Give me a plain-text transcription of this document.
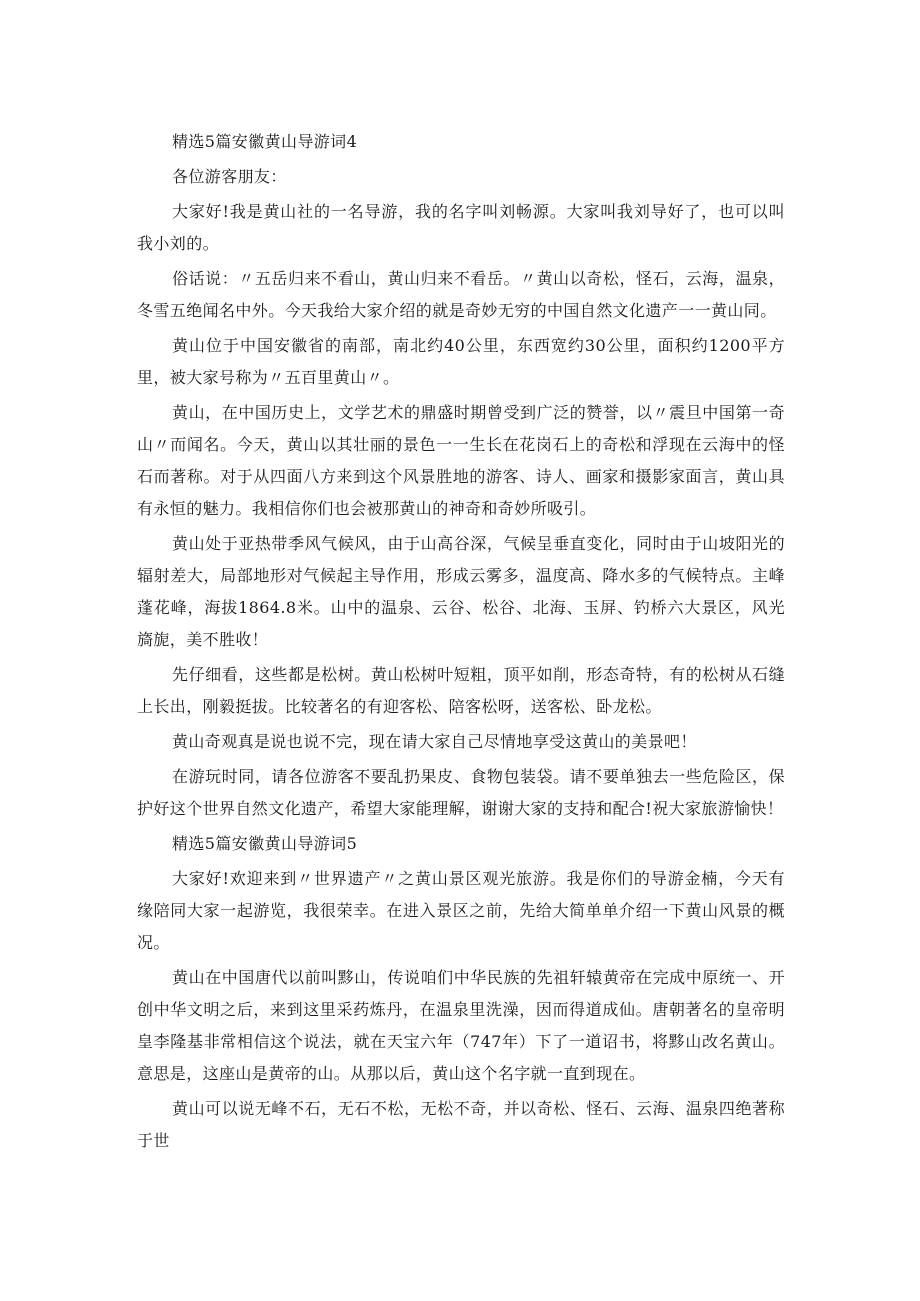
精选5篇安徽黄山导游词4

各位游客朋友：

大家好!我是黄山社的一名导游，我的名字叫刘畅源。大家叫我刘导好了，也可以叫我小刘的。

俗话说：〃五岳归来不看山，黄山归来不看岳。〃黄山以奇松，怪石，云海，温泉，冬雪五绝闻名中外。今天我给大家介绍的就是奇妙无穷的中国自然文化遗产一一黄山同。

黄山位于中国安徽省的南部，南北约40公里，东西宽约30公里，面积约1200平方里，被大家号称为〃五百里黄山〃。

黄山，在中国历史上，文学艺术的鼎盛时期曾受到广泛的赞誉，以〃震旦中国第一奇山〃而闻名。今天，黄山以其壮丽的景色一一生长在花岗石上的奇松和浮现在云海中的怪石而著称。对于从四面八方来到这个风景胜地的游客、诗人、画家和摄影家面言，黄山具有永恒的魅力。我相信你们也会被那黄山的神奇和奇妙所吸引。

黄山处于亚热带季风气候风，由于山高谷深，气候呈垂直变化，同时由于山坡阳光的辐射差大，局部地形对气候起主导作用，形成云雾多，温度高、降水多的气候特点。主峰蓬花峰，海拔1864.8米。山中的温泉、云谷、松谷、北海、玉屏、钓桥六大景区，风光旖旎，美不胜收！

先仔细看，这些都是松树。黄山松树叶短粗，顶平如削，形态奇特，有的松树从石缝上长出，刚毅挺拔。比较著名的有迎客松、陪客松呀，送客松、卧龙松。

黄山奇观真是说也说不完，现在请大家自己尽情地享受这黄山的美景吧！

在游玩时同，请各位游客不要乱扔果皮、食物包装袋。请不要单独去一些危险区，保护好这个世界自然文化遗产，希望大家能理解，谢谢大家的支持和配合!祝大家旅游愉快！

精选5篇安徽黄山导游词5

大家好!欢迎来到〃世界遗产〃之黄山景区观光旅游。我是你们的导游金楠，今天有缘陪同大家一起游览，我很荣幸。在进入景区之前，先给大简单单介绍一下黄山风景的概况。

黄山在中国唐代以前叫黟山，传说咱们中华民族的先祖轩辕黄帝在完成中原统一、开创中华文明之后，来到这里采药炼丹，在温泉里洗澡，因而得道成仙。唐朝著名的皇帝明皇李隆基非常相信这个说法，就在天宝六年（747年）下了一道诏书，将黟山改名黄山。意思是，这座山是黄帝的山。从那以后，黄山这个名字就一直到现在。

黄山可以说无峰不石，无石不松，无松不奇，并以奇松、怪石、云海、温泉四绝著称于世
